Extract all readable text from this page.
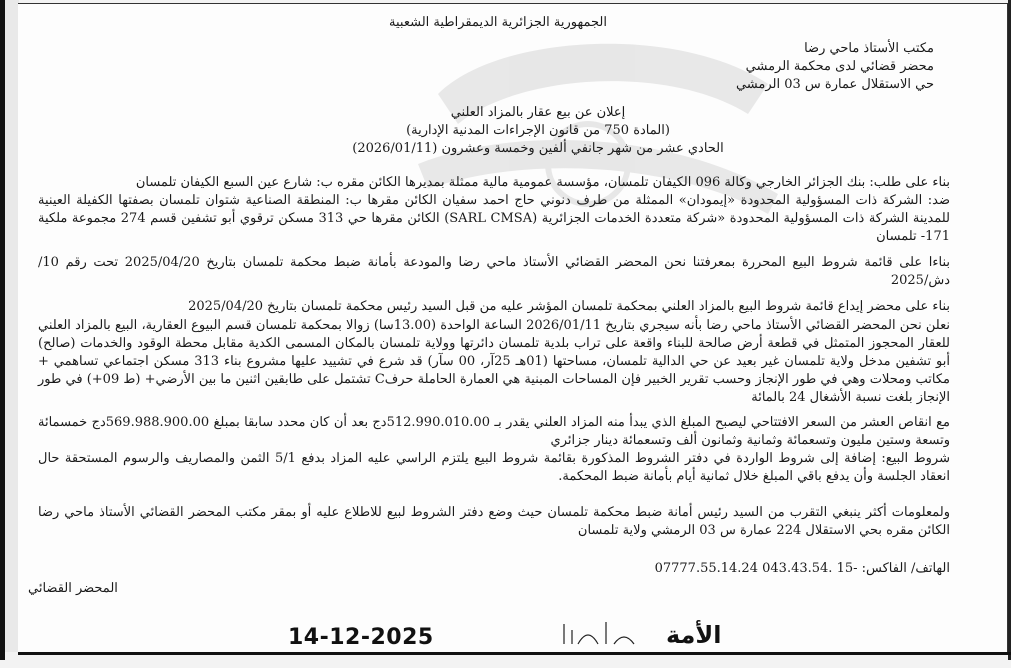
الجمهورية الجزائرية الديمقراطية الشعبية
مكتب الأستاذ ماحي رضا
محضر قضائي لدى محكمة الرمشي
حي الاستقلال عمارة س 03 الرمشي
إعلان عن بيع عقار بالمزاد العلني
(المادة 750 من قانون الإجراءات المدنية الإدارية)
الحادي عشر من شهر جانفي ألفين وخمسة وعشرون (2026/01/11)
بناء على طلب: بنك الجزائر الخارجي وكالة 096 الكيفان تلمسان، مؤسسة عمومية مالية ممثلة بمديرها الكائن مقره ب: شارع عين السبع الكيفان تلمسان
ضد: الشركة ذات المسؤولية المحدودة «إيمودان» الممثلة من طرف دنوني حاج احمد سفيان الكائن مقرها ب: المنطقة الصناعية شتوان تلمسان بصفتها الكفيلة العينية للمدينة الشركة ذات المسؤولية المحدودة «شركة متعددة الخدمات الجزائرية (SARL CMSA) الكائن مقرها حي 313 مسكن ترقوي أبو تشفين قسم 274 مجموعة ملكية 171- تلمسان
بناءا على قائمة شروط البيع المحررة بمعرفتنا نحن المحضر القضائي الأستاذ ماحي رضا والمودعة بأمانة ضبط محكمة تلمسان بتاريخ 2025/04/20 تحت رقم 10/ دش/2025
بناء على محضر إيداع قائمة شروط البيع بالمزاد العلني بمحكمة تلمسان المؤشر عليه من قبل السيد رئيس محكمة تلمسان بتاريخ 2025/04/20
نعلن نحن المحضر القضائي الأستاذ ماحي رضا بأنه سيجري بتاريخ 2026/01/11 الساعة الواحدة (13.00سا) زوالا بمحكمة تلمسان قسم البيوع العقارية، البيع بالمزاد العلني للعقار المحجوز المتمثل في قطعة أرض صالحة للبناء واقعة على تراب بلدية تلمسان دائرتها وولاية تلمسان بالمكان المسمى الكدية مقابل محطة الوقود والخدمات (صالح) أبو تشفين مدخل ولاية تلمسان غير بعيد عن حي الدالية تلمسان، مساحتها (01هـ 25آر، 00 سآر) قد شرع في تشييد عليها مشروع بناء 313 مسكن اجتماعي تساهمي + مكاتب ومحلات وهي في طور الإنجاز وحسب تقرير الخبير فإن المساحات المبنية هي العمارة الحاملة حرفC تشتمل على طابقين اثنين ما بين الأرضي+ (ط 09+) في طور الإنجاز بلغت نسبة الأشغال 24 بالمائة
مع انقاص العشر من السعر الافتتاحي ليصبح المبلغ الذي يبدأ منه المزاد العلني يقدر بـ 512.990.010.00دج بعد أن كان محدد سابقا بمبلغ 569.988.900.00دج خمسمائة وتسعة وستين مليون وتسعمائة وثمانية وثمانون ألف وتسعمائة دينار جزائري
شروط البيع: إضافة إلى شروط الواردة في دفتر الشروط المذكورة بقائمة شروط البيع يلتزم الراسي عليه المزاد بدفع 5/1 الثمن والمصاريف والرسوم المستحقة حال انعقاد الجلسة وأن يدفع باقي المبلغ خلال ثمانية أيام بأمانة ضبط المحكمة.
ولمعلومات أكثر ينبغي التقرب من السيد رئيس أمانة ضبط محكمة تلمسان حيث وضع دفتر الشروط لبيع للاطلاع عليه أو بمقر مكتب المحضر القضائي الأستاذ ماحي رضا الكائن مقره بحي الاستقلال 224 عمارة س 03 الرمشي ولاية تلمسان
الهاتف/ الفاكس: -15 .043.43.54 07777.55.14.24
المحضر القضائي
الأمة
14-12-2025
